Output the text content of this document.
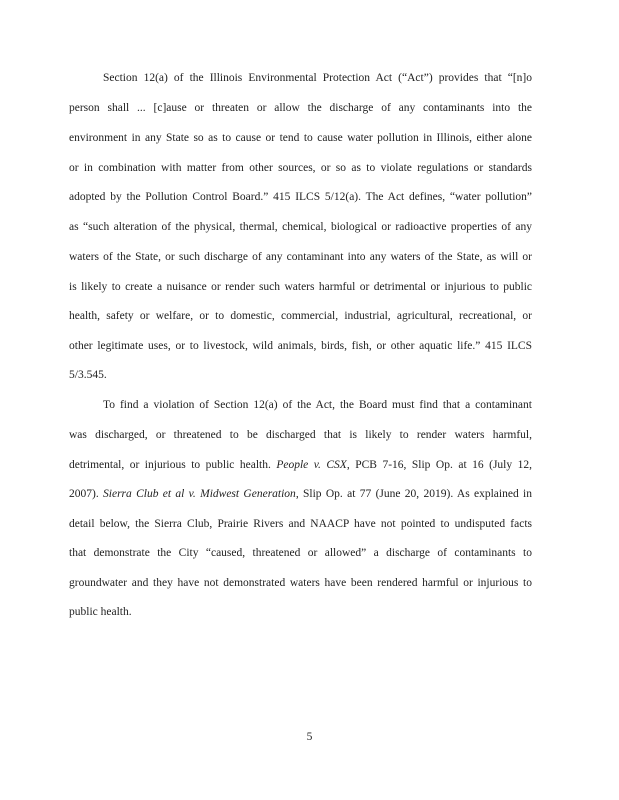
Section 12(a) of the Illinois Environmental Protection Act (“Act”) provides that “[n]o
person shall ... [c]ause or threaten or allow the discharge of any contaminants into the
environment in any State so as to cause or tend to cause water pollution in Illinois, either alone
or in combination with matter from other sources, or so as to violate regulations or standards
adopted by the Pollution Control Board.” 415 ILCS 5/12(a). The Act defines, “water pollution”
as “such alteration of the physical, thermal, chemical, biological or radioactive properties of any
waters of the State, or such discharge of any contaminant into any waters of the State, as will or
is likely to create a nuisance or render such waters harmful or detrimental or injurious to public
health, safety or welfare, or to domestic, commercial, industrial, agricultural, recreational, or
other legitimate uses, or to livestock, wild animals, birds, fish, or other aquatic life.” 415 ILCS
5/3.545.
To find a violation of Section 12(a) of the Act, the Board must find that a contaminant
was discharged, or threatened to be discharged that is likely to render waters harmful,
detrimental, or injurious to public health. People v. CSX, PCB 7-16, Slip Op. at 16 (July 12,
2007). Sierra Club et al v. Midwest Generation, Slip Op. at 77 (June 20, 2019). As explained in
detail below, the Sierra Club, Prairie Rivers and NAACP have not pointed to undisputed facts
that demonstrate the City “caused, threatened or allowed” a discharge of contaminants to
groundwater and they have not demonstrated waters have been rendered harmful or injurious to
public health.
5
